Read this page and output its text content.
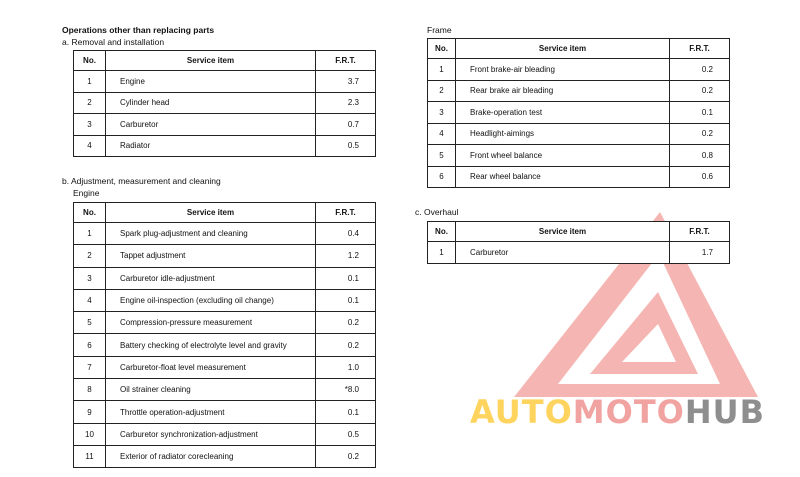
Operations other than replacing parts
a. Removal and installation
No.	Service item	F.R.T.
1	Engine	3.7
2	Cylinder head	2.3
3	Carburetor	0.7
4	Radiator	0.5
b. Adjustment, measurement and cleaning
Engine
No.	Service item	F.R.T.
1	Spark plug-adjustment and cleaning	0.4
2	Tappet adjustment	1.2
3	Carburetor idle-adjustment	0.1
4	Engine oil-inspection (excluding oil change)	0.1
5	Compression-pressure measurement	0.2
6	Battery checking of electrolyte level and gravity	0.2
7	Carburetor-float level measurement	1.0
8	Oil strainer cleaning	*8.0
9	Throttle operation-adjustment	0.1
10	Carburetor synchronization-adjustment	0.5
11	Exterior of radiator corecleaning	0.2
Frame
No.	Service item	F.R.T.
1	Front brake-air bleading	0.2
2	Rear brake air bleading	0.2
3	Brake-operation test	0.1
4	Headlight-aimings	0.2
5	Front wheel balance	0.8
6	Rear wheel balance	0.6
c. Overhaul
No.	Service item	F.R.T.
1	Carburetor	1.7
AUTOMOTOHUB
